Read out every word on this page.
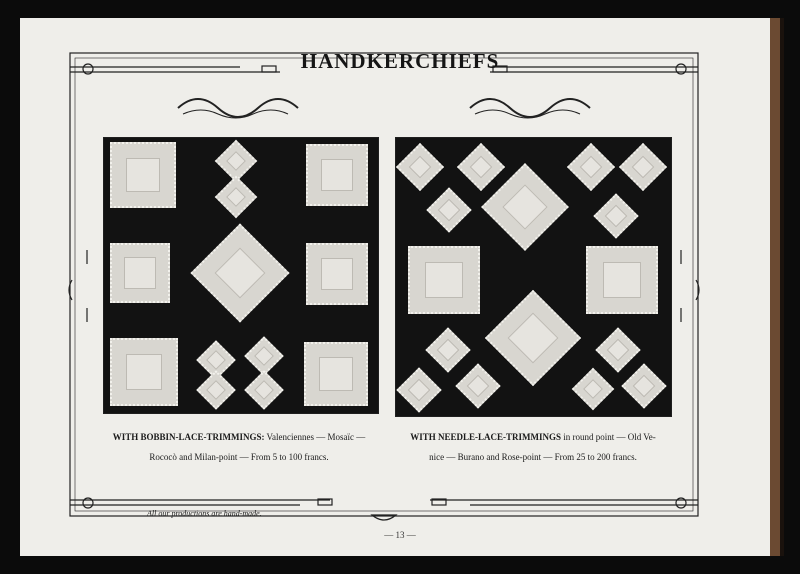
HANDKERCHIEFS
WITH BOBBIN-LACE-TRIMMINGS: Valenciennes — Mosaïc —
Rococò and Milan-point — From 5 to 100 francs.
WITH NEEDLE-LACE-TRIMMINGS in round point — Old Ve-
nice — Burano and Rose-point — From 25 to 200 francs.
All our productions are hand-made.
— 13 —
